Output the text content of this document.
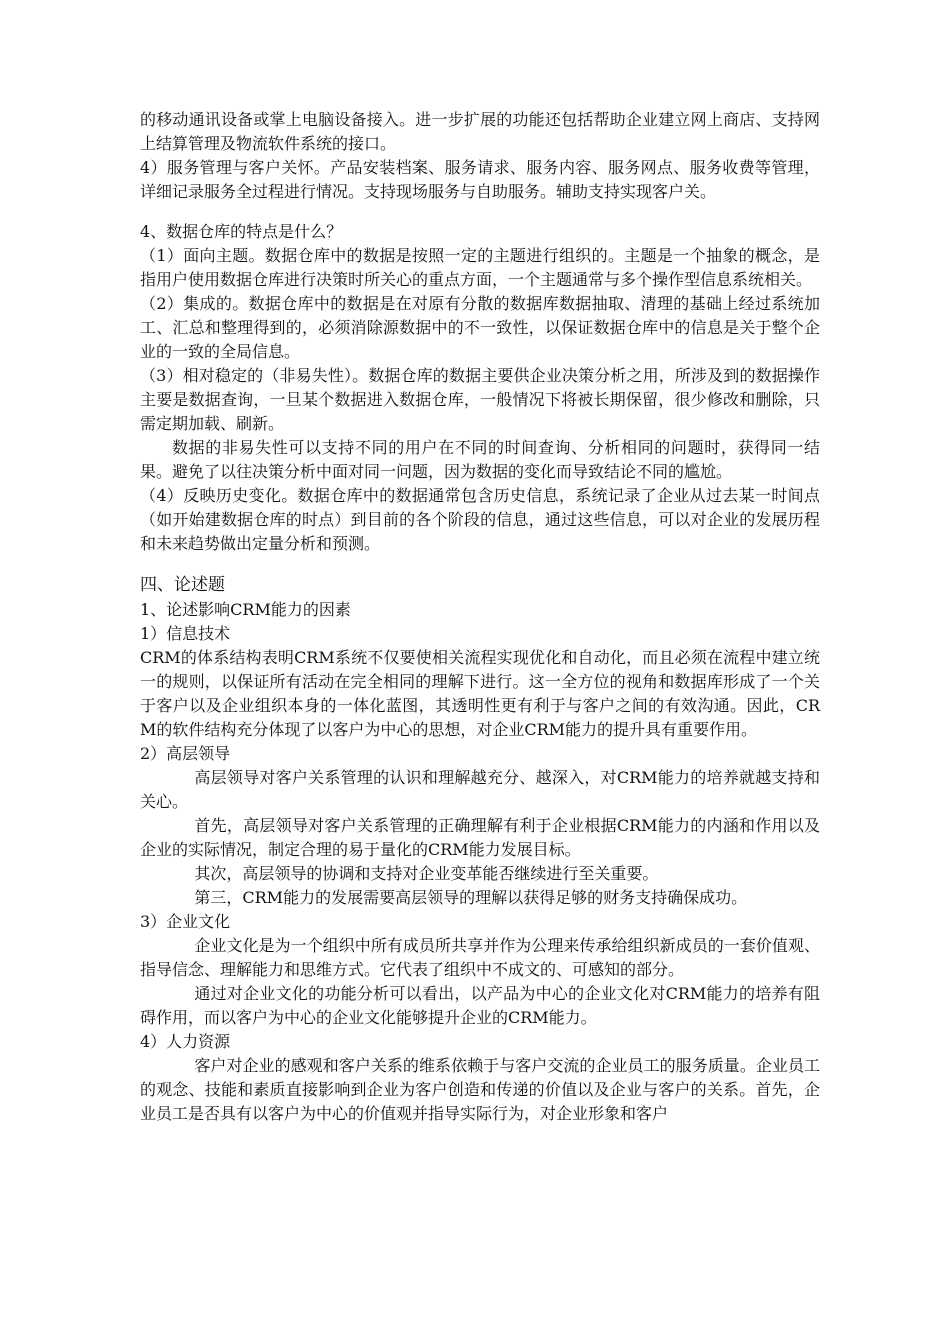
的移动通讯设备或掌上电脑设备接入。进一步扩展的功能还包括帮助企业建立网上商店、支持网上结算管理及物流软件系统的接口。

4）服务管理与客户关怀。产品安装档案、服务请求、服务内容、服务网点、服务收费等管理，详细记录服务全过程进行情况。支持现场服务与自助服务。辅助支持实现客户关。

4、数据仓库的特点是什么？

（1）面向主题。数据仓库中的数据是按照一定的主题进行组织的。主题是一个抽象的概念，是指用户使用数据仓库进行决策时所关心的重点方面，一个主题通常与多个操作型信息系统相关。

（2）集成的。数据仓库中的数据是在对原有分散的数据库数据抽取、清理的基础上经过系统加工、汇总和整理得到的，必须消除源数据中的不一致性，以保证数据仓库中的信息是关于整个企业的一致的全局信息。

（3）相对稳定的（非易失性）。数据仓库的数据主要供企业决策分析之用，所涉及到的数据操作主要是数据查询，一旦某个数据进入数据仓库，一般情况下将被长期保留，很少修改和删除，只需定期加载、刷新。

数据的非易失性可以支持不同的用户在不同的时间查询、分析相同的问题时，获得同一结果。避免了以往决策分析中面对同一问题，因为数据的变化而导致结论不同的尴尬。

（4）反映历史变化。数据仓库中的数据通常包含历史信息，系统记录了企业从过去某一时间点（如开始建数据仓库的时点）到目前的各个阶段的信息，通过这些信息，可以对企业的发展历程和未来趋势做出定量分析和预测。

四、论述题

1、论述影响CRM能力的因素

1）信息技术

CRM的体系结构表明CRM系统不仅要使相关流程实现优化和自动化，而且必须在流程中建立统一的规则，以保证所有活动在完全相同的理解下进行。这一全方位的视角和数据库形成了一个关于客户以及企业组织本身的一体化蓝图，其透明性更有利于与客户之间的有效沟通。因此，CRM的软件结构充分体现了以客户为中心的思想，对企业CRM能力的提升具有重要作用。

2）高层领导

高层领导对客户关系管理的认识和理解越充分、越深入，对CRM能力的培养就越支持和关心。

首先，高层领导对客户关系管理的正确理解有利于企业根据CRM能力的内涵和作用以及企业的实际情况，制定合理的易于量化的CRM能力发展目标。

其次，高层领导的协调和支持对企业变革能否继续进行至关重要。

第三，CRM能力的发展需要高层领导的理解以获得足够的财务支持确保成功。

3）企业文化

企业文化是为一个组织中所有成员所共享并作为公理来传承给组织新成员的一套价值观、指导信念、理解能力和思维方式。它代表了组织中不成文的、可感知的部分。

通过对企业文化的功能分析可以看出，以产品为中心的企业文化对CRM能力的培养有阻碍作用，而以客户为中心的企业文化能够提升企业的CRM能力。

4）人力资源

客户对企业的感观和客户关系的维系依赖于与客户交流的企业员工的服务质量。企业员工的观念、技能和素质直接影响到企业为客户创造和传递的价值以及企业与客户的关系。首先，企业员工是否具有以客户为中心的价值观并指导实际行为，对企业形象和客户
